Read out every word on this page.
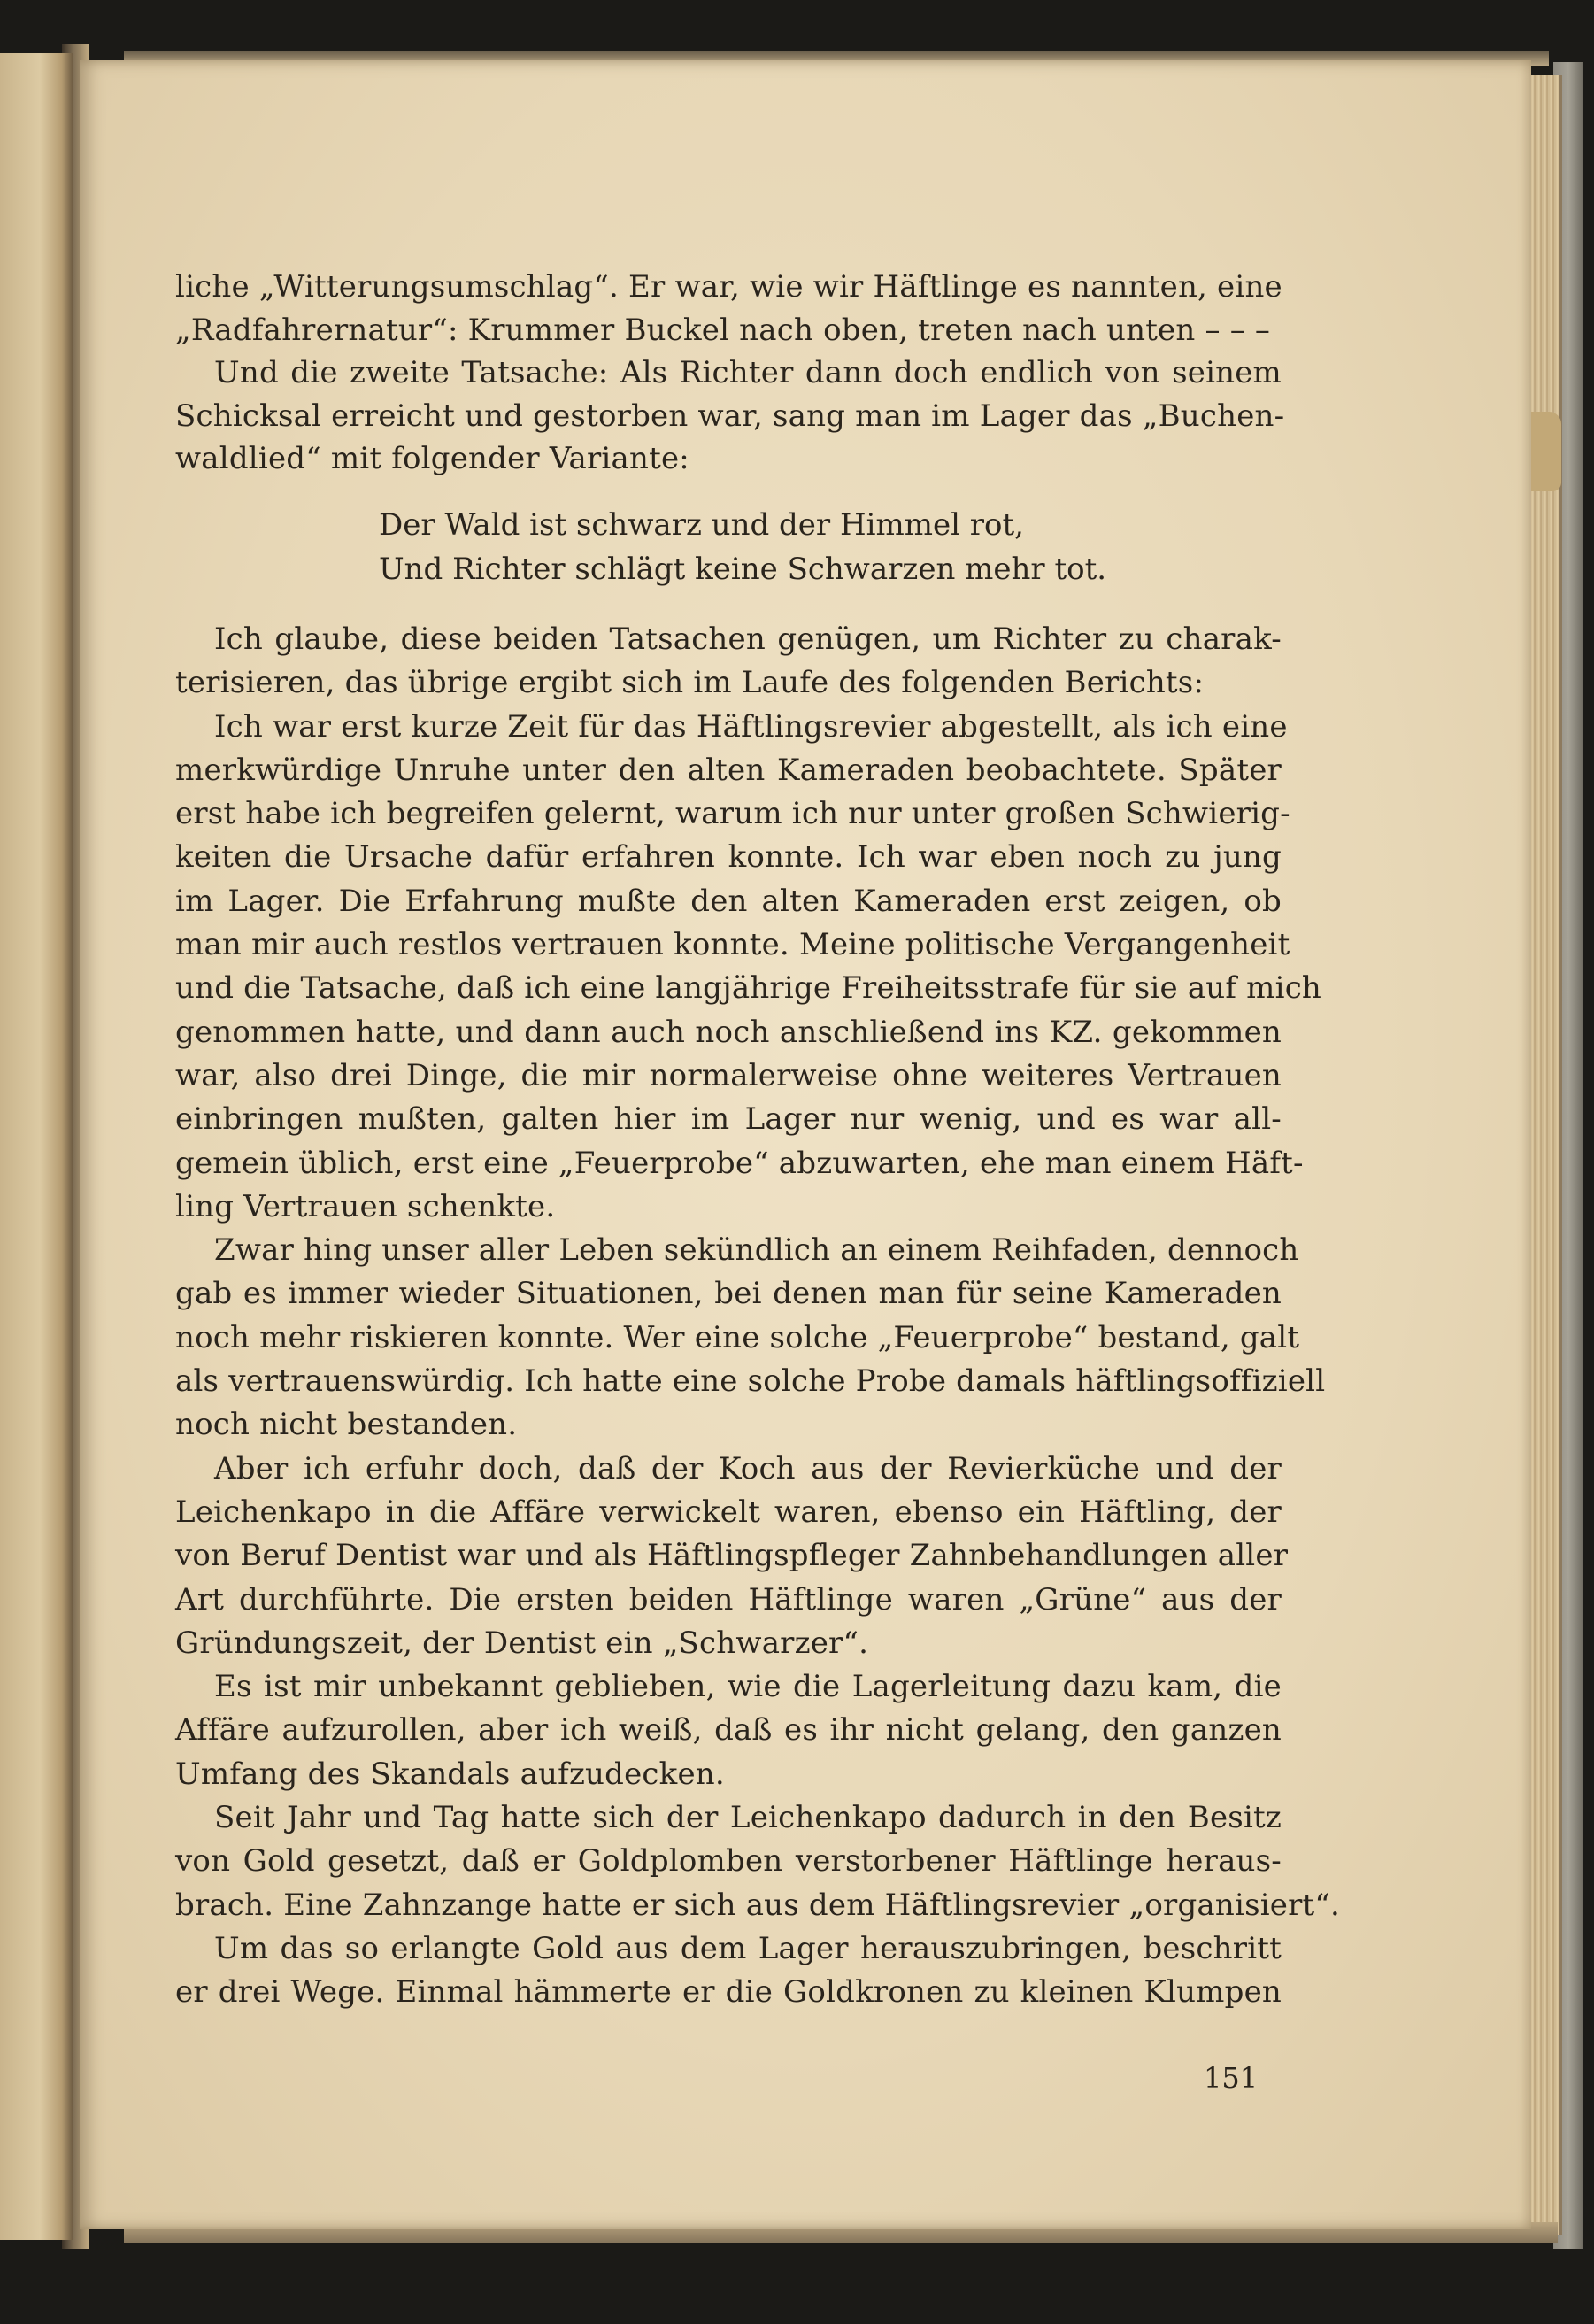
liche „Witterungsumschlag“. Er war, wie wir Häftlinge es nannten, eine
„Radfahrernatur“: Krummer Buckel nach oben, treten nach unten – – –
Und die zweite Tatsache: Als Richter dann doch endlich von seinem
Schicksal erreicht und gestorben war, sang man im Lager das „Buchen-
waldlied“ mit folgender Variante:
Der Wald ist schwarz und der Himmel rot,
Und Richter schlägt keine Schwarzen mehr tot.
Ich glaube, diese beiden Tatsachen genügen, um Richter zu charak-
terisieren, das übrige ergibt sich im Laufe des folgenden Berichts:
Ich war erst kurze Zeit für das Häftlingsrevier abgestellt, als ich eine
merkwürdige Unruhe unter den alten Kameraden beobachtete. Später
erst habe ich begreifen gelernt, warum ich nur unter großen Schwierig-
keiten die Ursache dafür erfahren konnte. Ich war eben noch zu jung
im Lager. Die Erfahrung mußte den alten Kameraden erst zeigen, ob
man mir auch restlos vertrauen konnte. Meine politische Vergangenheit
und die Tatsache, daß ich eine langjährige Freiheitsstrafe für sie auf mich
genommen hatte, und dann auch noch anschließend ins KZ. gekommen
war, also drei Dinge, die mir normalerweise ohne weiteres Vertrauen
einbringen mußten, galten hier im Lager nur wenig, und es war all-
gemein üblich, erst eine „Feuerprobe“ abzuwarten, ehe man einem Häft-
ling Vertrauen schenkte.
Zwar hing unser aller Leben sekündlich an einem Reihfaden, dennoch
gab es immer wieder Situationen, bei denen man für seine Kameraden
noch mehr riskieren konnte. Wer eine solche „Feuerprobe“ bestand, galt
als vertrauenswürdig. Ich hatte eine solche Probe damals häftlingsoffiziell
noch nicht bestanden.
Aber ich erfuhr doch, daß der Koch aus der Revierküche und der
Leichenkapo in die Affäre verwickelt waren, ebenso ein Häftling, der
von Beruf Dentist war und als Häftlingspfleger Zahnbehandlungen aller
Art durchführte. Die ersten beiden Häftlinge waren „Grüne“ aus der
Gründungszeit, der Dentist ein „Schwarzer“.
Es ist mir unbekannt geblieben, wie die Lagerleitung dazu kam, die
Affäre aufzurollen, aber ich weiß, daß es ihr nicht gelang, den ganzen
Umfang des Skandals aufzudecken.
Seit Jahr und Tag hatte sich der Leichenkapo dadurch in den Besitz
von Gold gesetzt, daß er Goldplomben verstorbener Häftlinge heraus-
brach. Eine Zahnzange hatte er sich aus dem Häftlingsrevier „organisiert“.
Um das so erlangte Gold aus dem Lager herauszubringen, beschritt
er drei Wege. Einmal hämmerte er die Goldkronen zu kleinen Klumpen
151
